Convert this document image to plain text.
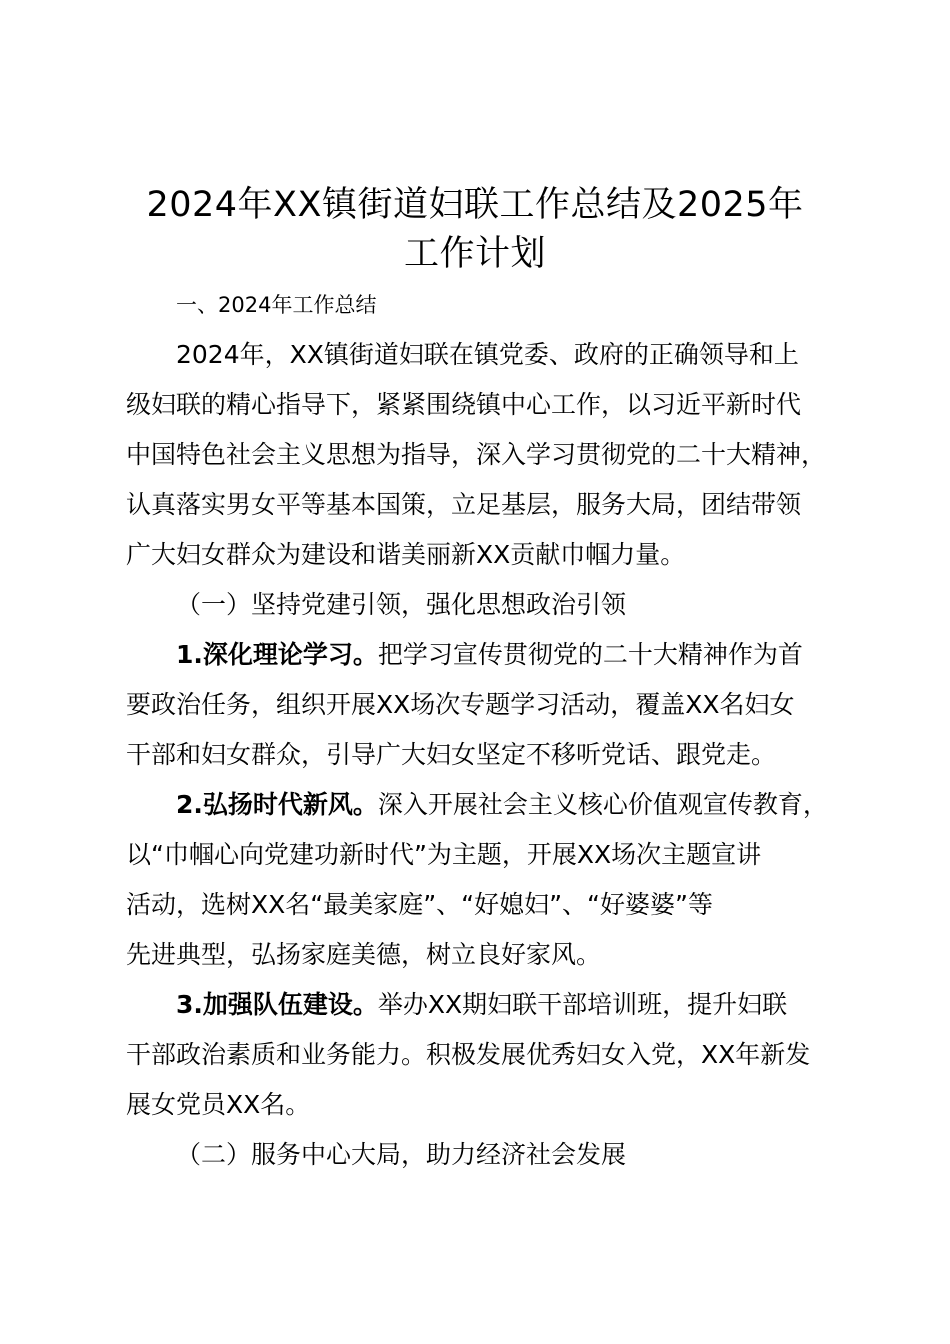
2024年XX镇街道妇联工作总结及2025年
工作计划
一、2024年工作总结
2024年，XX镇街道妇联在镇党委、政府的正确领导和上
级妇联的精心指导下，紧紧围绕镇中心工作，以习近平新时代
中国特色社会主义思想为指导，深入学习贯彻党的二十大精神，
认真落实男女平等基本国策，立足基层，服务大局，团结带领
广大妇女群众为建设和谐美丽新XX贡献巾帼力量。
（一）坚持党建引领，强化思想政治引领
1.深化理论学习。把学习宣传贯彻党的二十大精神作为首
要政治任务，组织开展XX场次专题学习活动，覆盖XX名妇女
干部和妇女群众，引导广大妇女坚定不移听党话、跟党走。
2.弘扬时代新风。深入开展社会主义核心价值观宣传教育，
以“巾帼心向党建功新时代”为主题，开展XX场次主题宣讲
活动，选树XX名“最美家庭”、“好媳妇”、“好婆婆”等
先进典型，弘扬家庭美德，树立良好家风。
3.加强队伍建设。举办XX期妇联干部培训班，提升妇联
干部政治素质和业务能力。积极发展优秀妇女入党，XX年新发
展女党员XX名。
（二）服务中心大局，助力经济社会发展
